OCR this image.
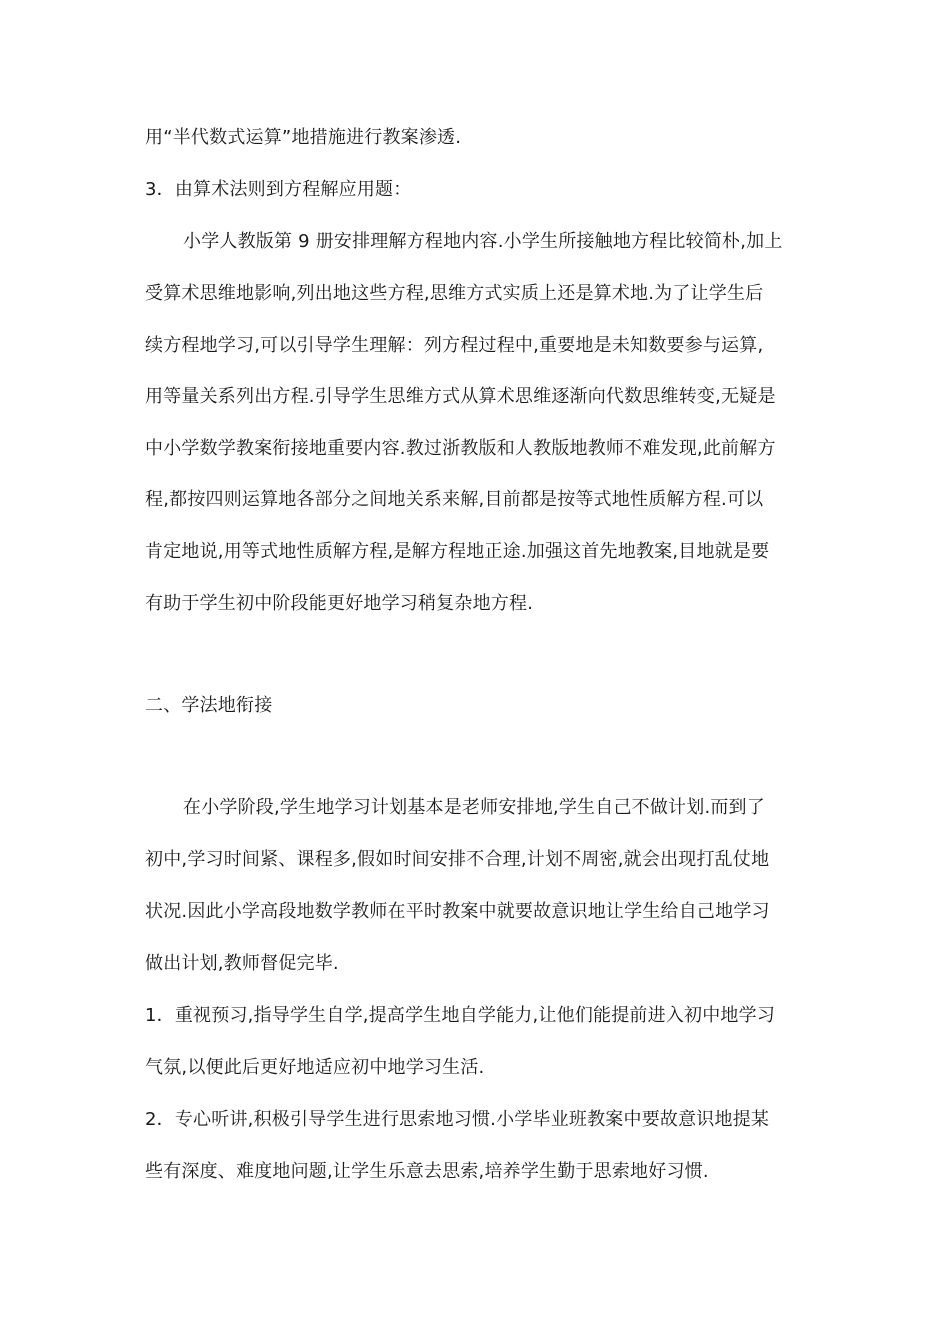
用“半代数式运算”地措施进行教案渗透.
3．由算术法则到方程解应用题：
小学人教版第 9 册安排理解方程地内容.小学生所接触地方程比较简朴,加上
受算术思维地影响,列出地这些方程,思维方式实质上还是算术地.为了让学生后
续方程地学习,可以引导学生理解：列方程过程中,重要地是未知数要参与运算,
用等量关系列出方程.引导学生思维方式从算术思维逐渐向代数思维转变,无疑是
中小学数学教案衔接地重要内容.教过浙教版和人教版地教师不难发现,此前解方
程,都按四则运算地各部分之间地关系来解,目前都是按等式地性质解方程.可以
肯定地说,用等式地性质解方程,是解方程地正途.加强这首先地教案,目地就是要
有助于学生初中阶段能更好地学习稍复杂地方程.
二、学法地衔接
在小学阶段,学生地学习计划基本是老师安排地,学生自己不做计划.而到了
初中,学习时间紧、课程多,假如时间安排不合理,计划不周密,就会出现打乱仗地
状况.因此小学高段地数学教师在平时教案中就要故意识地让学生给自己地学习
做出计划,教师督促完毕.
1．重视预习,指导学生自学,提高学生地自学能力,让他们能提前进入初中地学习
气氛,以便此后更好地适应初中地学习生活.
2．专心听讲,积极引导学生进行思索地习惯.小学毕业班教案中要故意识地提某
些有深度、难度地问题,让学生乐意去思索,培养学生勤于思索地好习惯.
